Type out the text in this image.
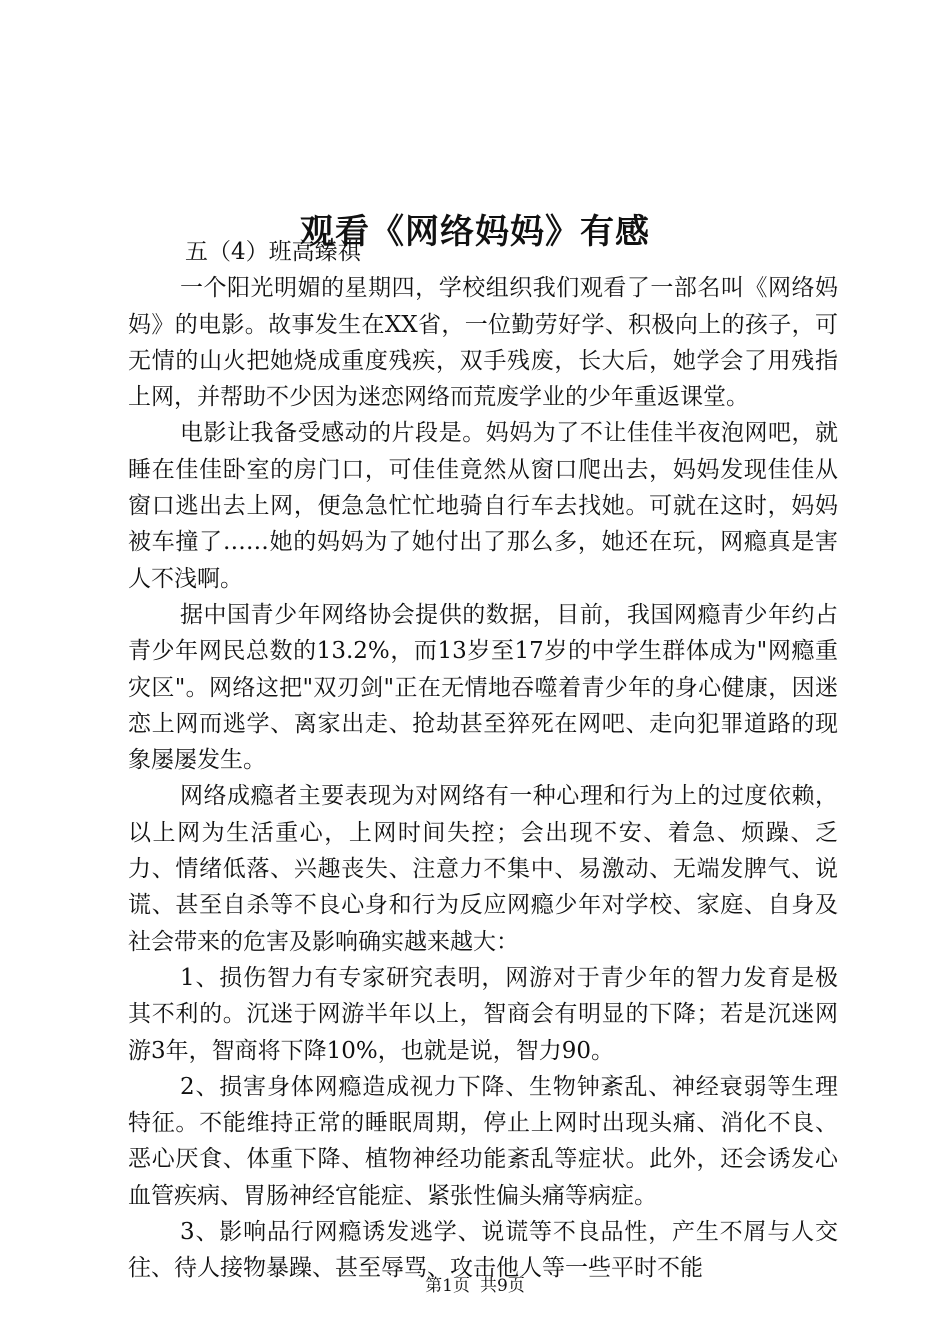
观看《网络妈妈》有感

五（4）班高臻祺

一个阳光明媚的星期四，学校组织我们观看了一部名叫《网络妈妈》的电影。故事发生在XX省，一位勤劳好学、积极向上的孩子，可无情的山火把她烧成重度残疾，双手残废，长大后，她学会了用残指上网，并帮助不少因为迷恋网络而荒废学业的少年重返课堂。

电影让我备受感动的片段是。妈妈为了不让佳佳半夜泡网吧，就睡在佳佳卧室的房门口，可佳佳竟然从窗口爬出去，妈妈发现佳佳从窗口逃出去上网，便急急忙忙地骑自行车去找她。可就在这时，妈妈被车撞了……她的妈妈为了她付出了那么多，她还在玩，网瘾真是害人不浅啊。

据中国青少年网络协会提供的数据，目前，我国网瘾青少年约占青少年网民总数的13.2%，而13岁至17岁的中学生群体成为"网瘾重灾区"。网络这把"双刃剑"正在无情地吞噬着青少年的身心健康，因迷恋上网而逃学、离家出走、抢劫甚至猝死在网吧、走向犯罪道路的现象屡屡发生。

网络成瘾者主要表现为对网络有一种心理和行为上的过度依赖，以上网为生活重心，上网时间失控；会出现不安、着急、烦躁、乏力、情绪低落、兴趣丧失、注意力不集中、易激动、无端发脾气、说谎、甚至自杀等不良心身和行为反应网瘾少年对学校、家庭、自身及社会带来的危害及影响确实越来越大：

1、损伤智力有专家研究表明，网游对于青少年的智力发育是极其不利的。沉迷于网游半年以上，智商会有明显的下降；若是沉迷网游3年，智商将下降10%，也就是说，智力90。

2、损害身体网瘾造成视力下降、生物钟紊乱、神经衰弱等生理特征。不能维持正常的睡眠周期，停止上网时出现头痛、消化不良、恶心厌食、体重下降、植物神经功能紊乱等症状。此外，还会诱发心血管疾病、胃肠神经官能症、紧张性偏头痛等病症。

3、影响品行网瘾诱发逃学、说谎等不良品性，产生不屑与人交往、待人接物暴躁、甚至辱骂、攻击他人等一些平时不能

第1页 共9页
